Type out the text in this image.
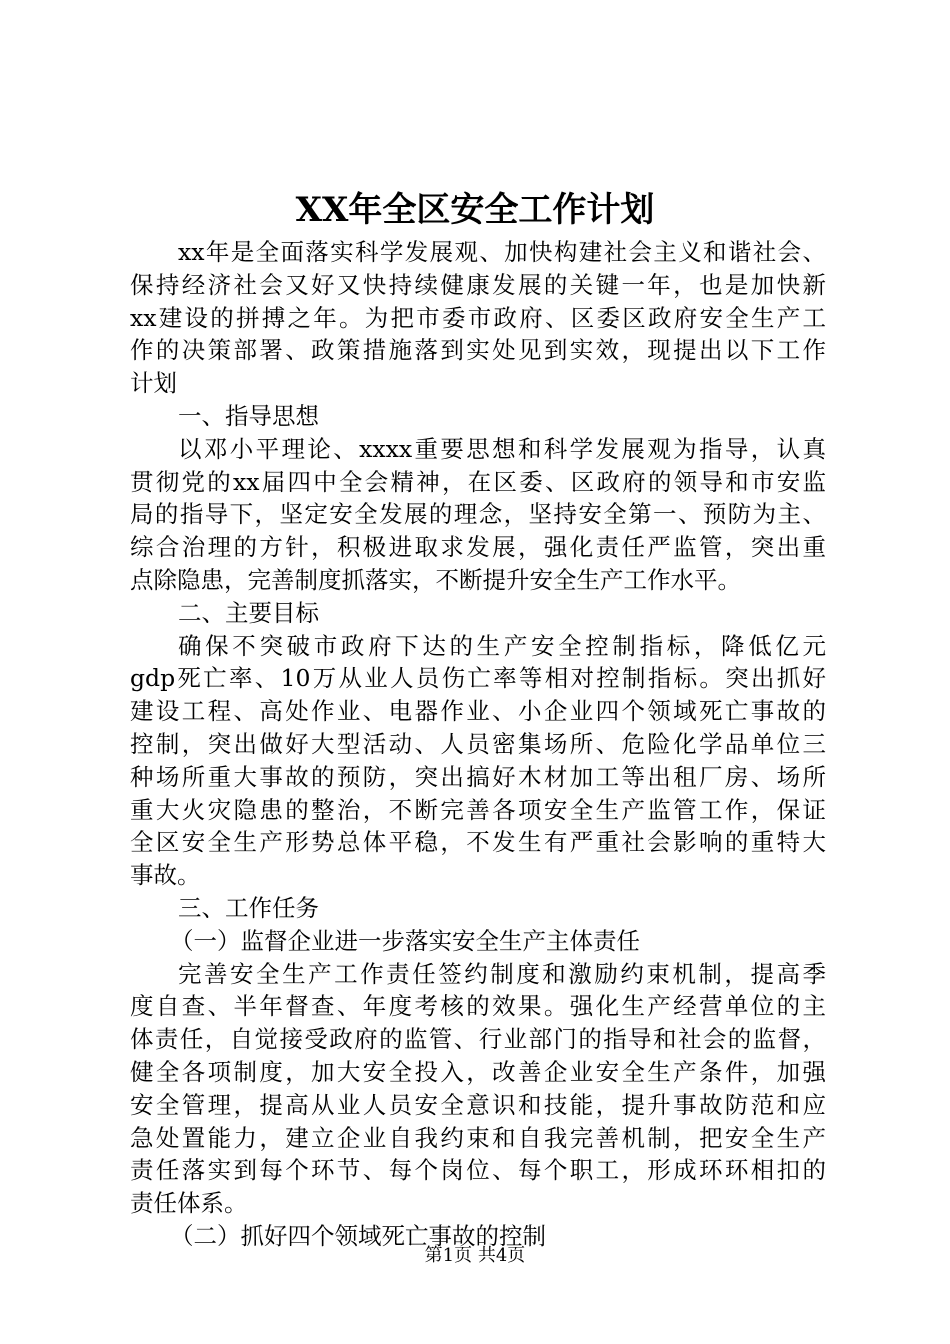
XX年全区安全工作计划
xx年是全面落实科学发展观、加快构建社会主义和谐社会、
保持经济社会又好又快持续健康发展的关键一年，也是加快新
xx建设的拼搏之年。为把市委市政府、区委区政府安全生产工
作的决策部署、政策措施落到实处见到实效，现提出以下工作
计划
一、指导思想
以邓小平理论、xxxx重要思想和科学发展观为指导，认真
贯彻党的xx届四中全会精神，在区委、区政府的领导和市安监
局的指导下，坚定安全发展的理念，坚持安全第一、预防为主、
综合治理的方针，积极进取求发展，强化责任严监管，突出重
点除隐患，完善制度抓落实，不断提升安全生产工作水平。
二、主要目标
确保不突破市政府下达的生产安全控制指标，降低亿元
gdp死亡率、10万从业人员伤亡率等相对控制指标。突出抓好
建设工程、高处作业、电器作业、小企业四个领域死亡事故的
控制，突出做好大型活动、人员密集场所、危险化学品单位三
种场所重大事故的预防，突出搞好木材加工等出租厂房、场所
重大火灾隐患的整治，不断完善各项安全生产监管工作，保证
全区安全生产形势总体平稳，不发生有严重社会影响的重特大
事故。
三、工作任务
（一）监督企业进一步落实安全生产主体责任
完善安全生产工作责任签约制度和激励约束机制，提高季
度自查、半年督查、年度考核的效果。强化生产经营单位的主
体责任，自觉接受政府的监管、行业部门的指导和社会的监督，
健全各项制度，加大安全投入，改善企业安全生产条件，加强
安全管理，提高从业人员安全意识和技能，提升事故防范和应
急处置能力，建立企业自我约束和自我完善机制，把安全生产
责任落实到每个环节、每个岗位、每个职工，形成环环相扣的
责任体系。
（二）抓好四个领域死亡事故的控制
第1页 共4页
